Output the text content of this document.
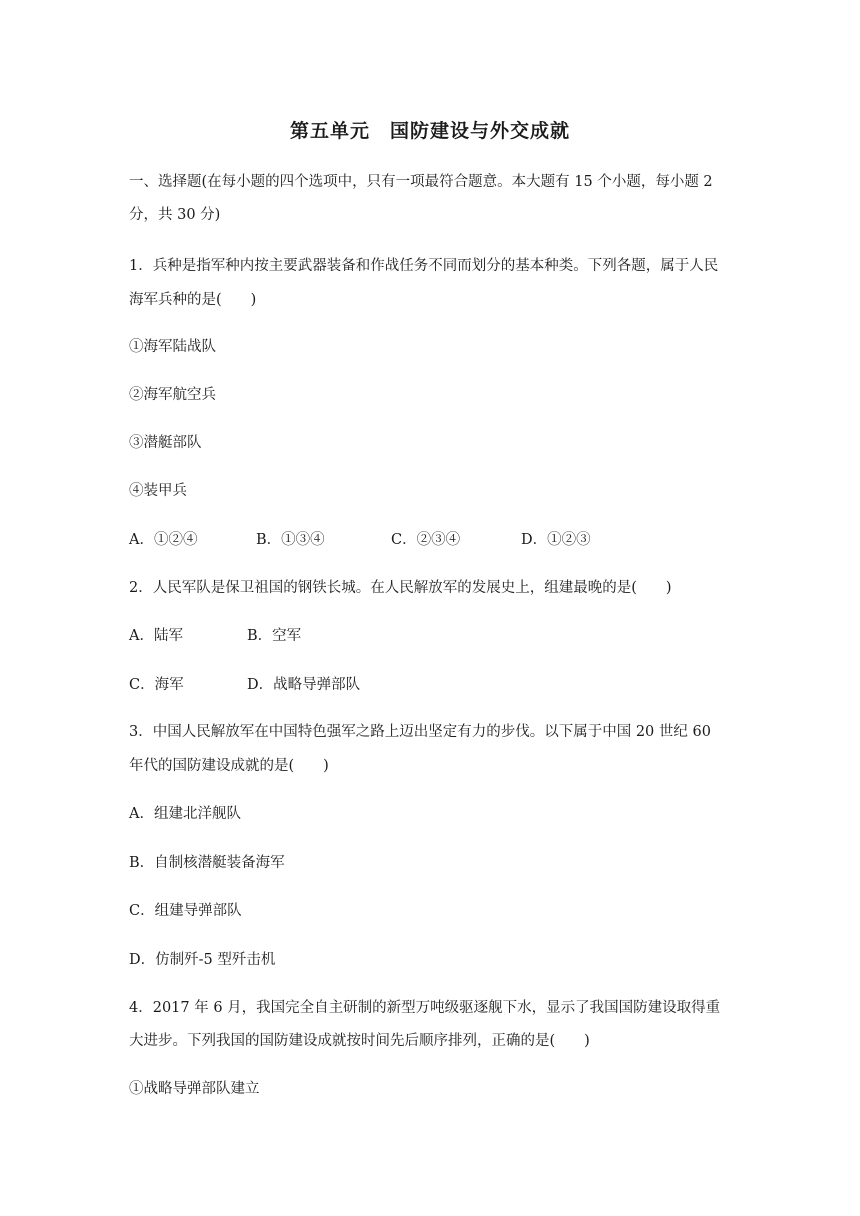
第五单元　国防建设与外交成就
一、选择题(在每小题的四个选项中，只有一项最符合题意。本大题有 15 个小题，每小题 2
分，共 30 分)
1．兵种是指军种内按主要武器装备和作战任务不同而划分的基本种类。下列各题，属于人民
海军兵种的是(　　)
①海军陆战队
②海军航空兵
③潜艇部队
④装甲兵
A．①②④	B．①③④	C．②③④	D．①②③
2．人民军队是保卫祖国的钢铁长城。在人民解放军的发展史上，组建最晚的是(　　)
A．陆军	B．空军
C．海军	D．战略导弹部队
3．中国人民解放军在中国特色强军之路上迈出坚定有力的步伐。以下属于中国 20 世纪 60
年代的国防建设成就的是(　　)
A．组建北洋舰队
B．自制核潜艇装备海军
C．组建导弹部队
D．仿制歼-5 型歼击机
4．2017 年 6 月，我国完全自主研制的新型万吨级驱逐舰下水，显示了我国国防建设取得重
大进步。下列我国的国防建设成就按时间先后顺序排列，正确的是(　　)
①战略导弹部队建立
